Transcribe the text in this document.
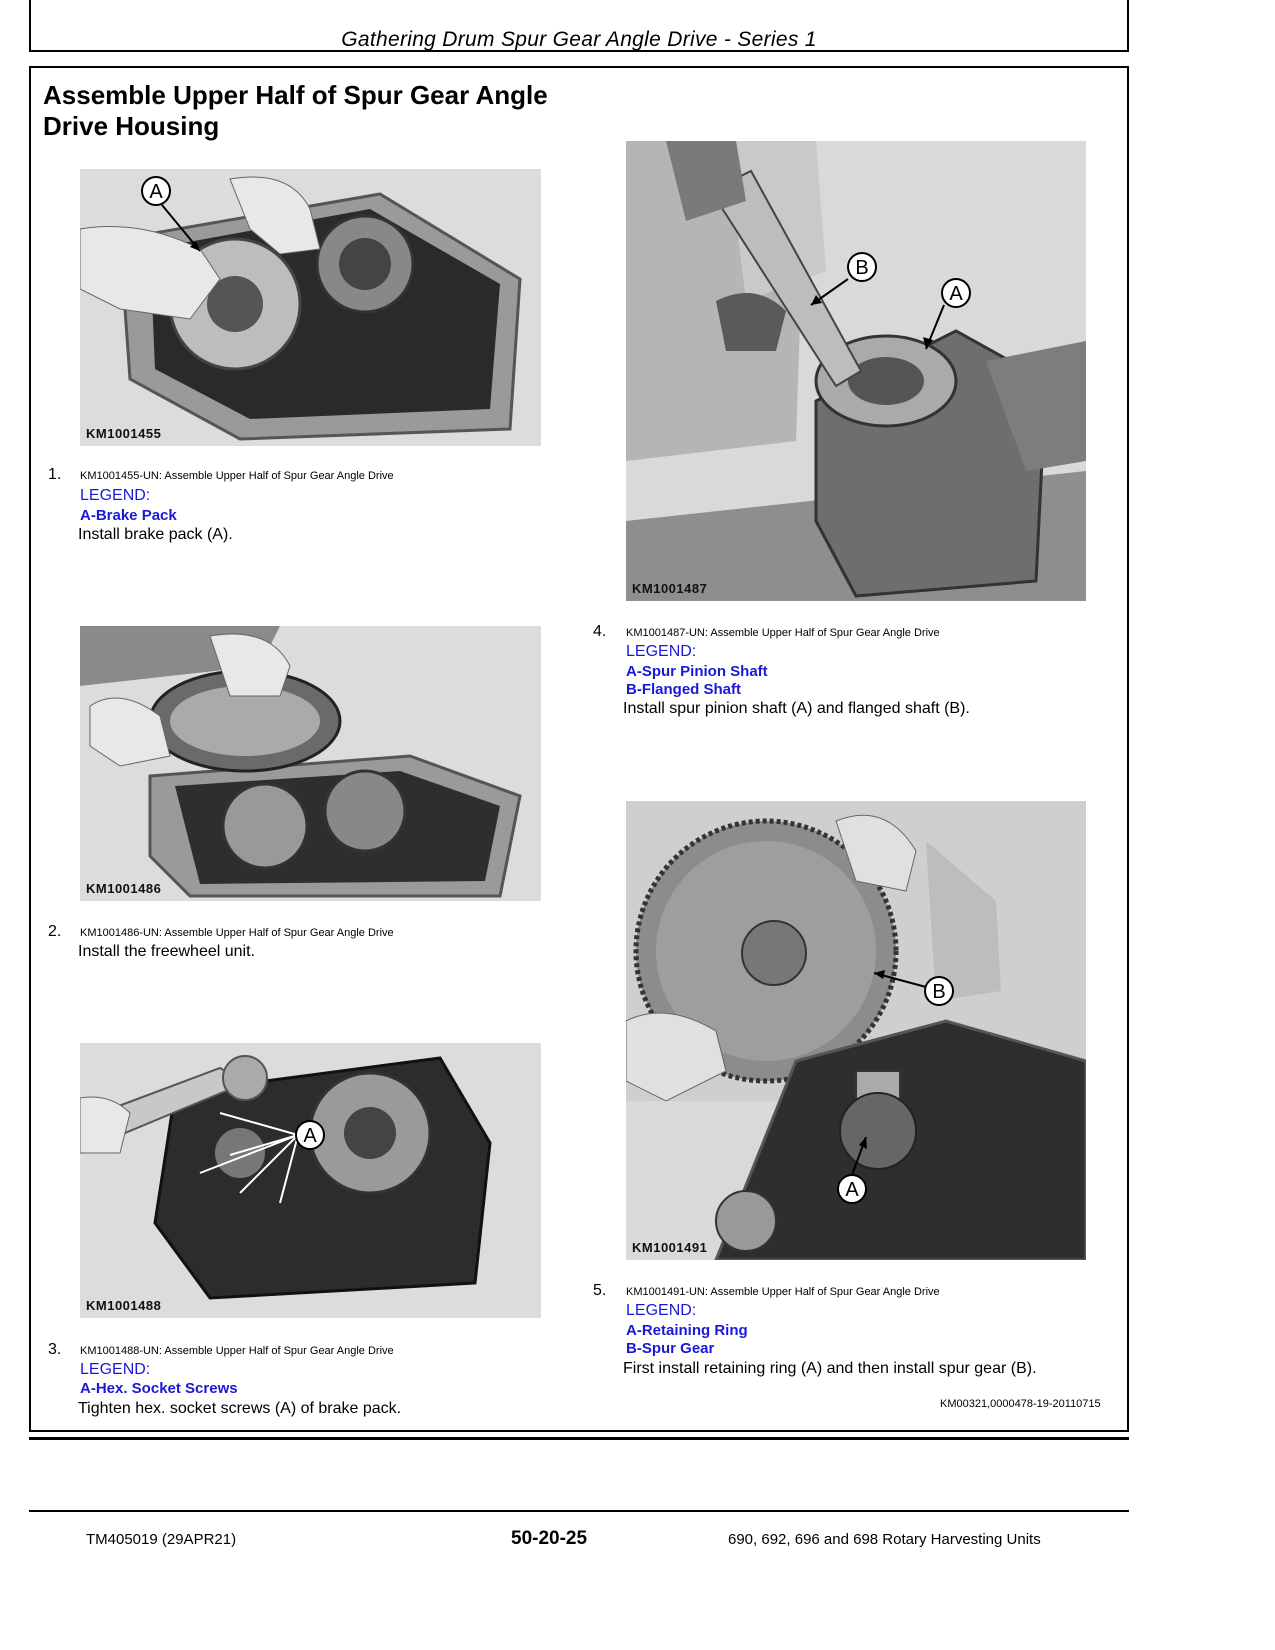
Gathering Drum Spur Gear Angle Drive - Series 1
Assemble Upper Half of Spur Gear Angle
Drive Housing
A
KM1001455
1. KM1001455-UN: Assemble Upper Half of Spur Gear Angle Drive
LEGEND:
A-Brake Pack
Install brake pack (A).
KM1001486
2. KM1001486-UN: Assemble Upper Half of Spur Gear Angle Drive
Install the freewheel unit.
A
KM1001488
3. KM1001488-UN: Assemble Upper Half of Spur Gear Angle Drive
LEGEND:
A-Hex. Socket Screws
Tighten hex. socket screws (A) of brake pack.
B
A
KM1001487
4. KM1001487-UN: Assemble Upper Half of Spur Gear Angle Drive
LEGEND:
A-Spur Pinion Shaft
B-Flanged Shaft
Install spur pinion shaft (A) and flanged shaft (B).
B
A
KM1001491
5. KM1001491-UN: Assemble Upper Half of Spur Gear Angle Drive
LEGEND:
A-Retaining Ring
B-Spur Gear
First install retaining ring (A) and then install spur gear (B).
KM00321,0000478-19-20110715
TM405019 (29APR21)	50-20-25	690, 692, 696 and 698 Rotary Harvesting Units
